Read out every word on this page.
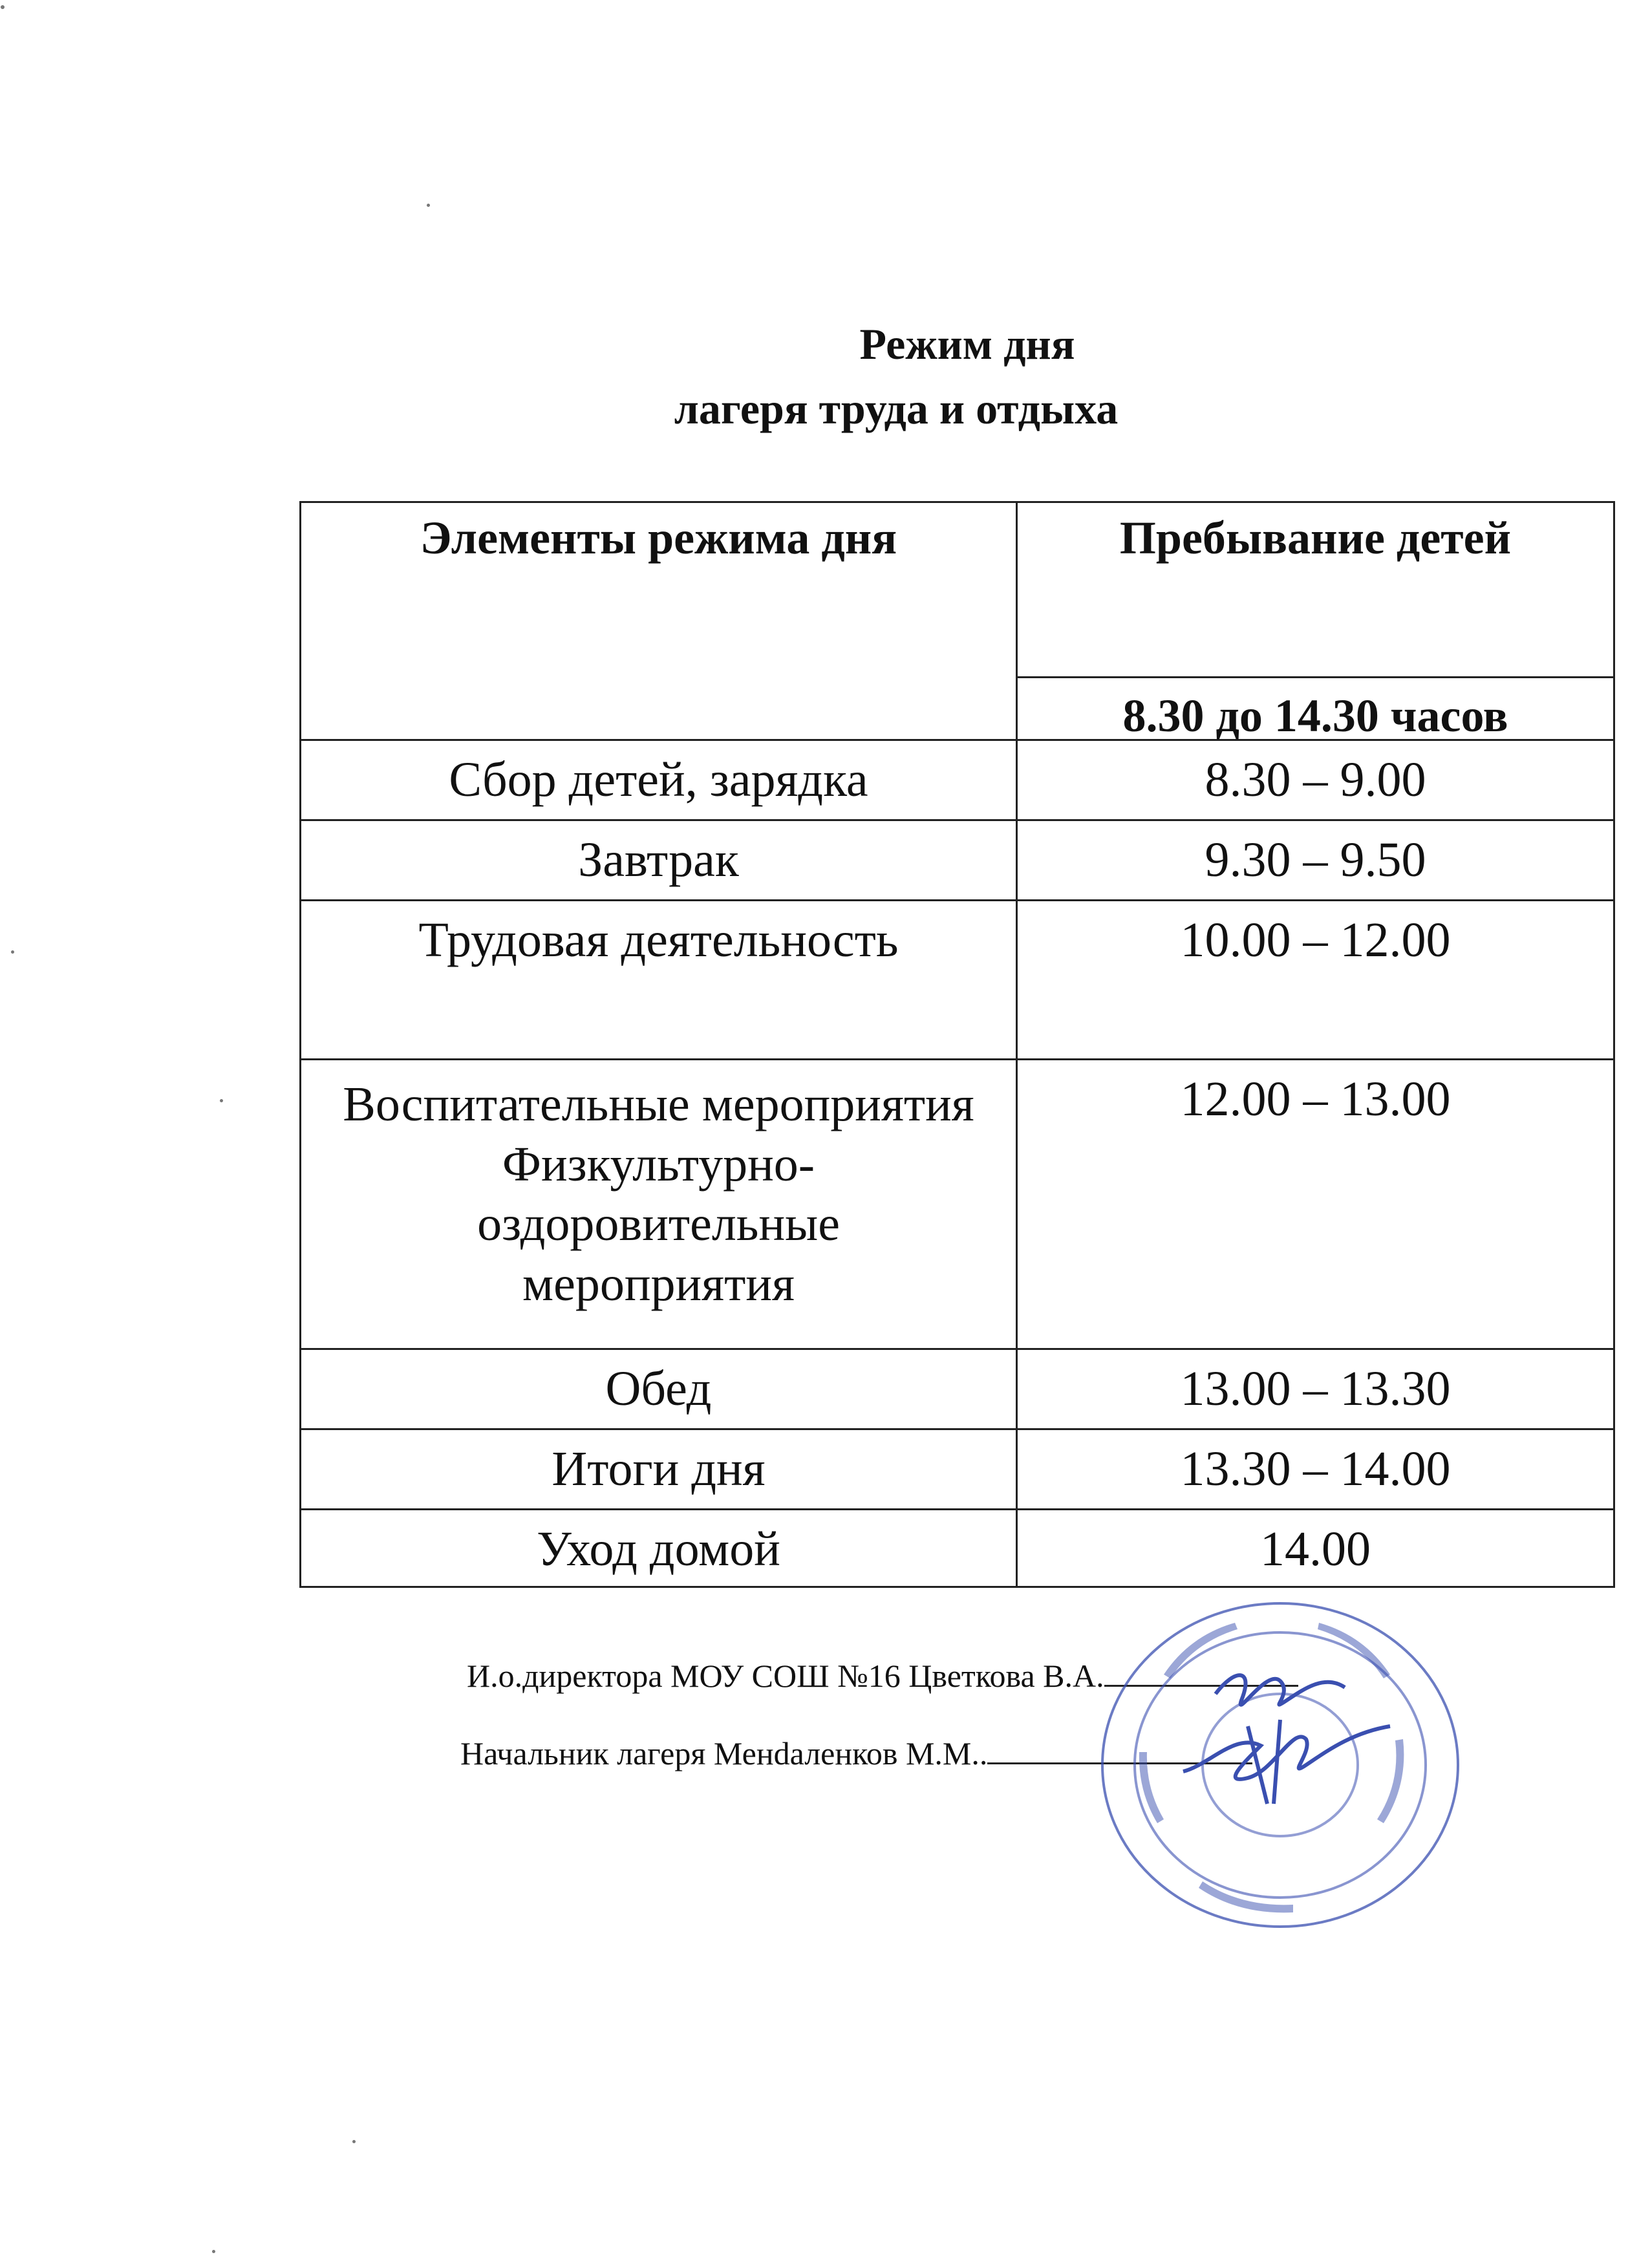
Режим дня
лагеря труда и отдыха
Элементы режима дня	Пребывание детей
	8.30 до 14.30 часов

Сбор детей, зарядка	8.30 – 9.00

Завтрак	9.30 – 9.50

Трудовая деятельность	10.00 – 12.00

Воспитательные мероприятия Физкультурно-оздоровительные мероприятия	12.00 – 13.00

Обед	13.00 – 13.30

Итоги дня	13.30 – 14.00

Уход домой	14.00
И.о.директора МОУ СОШ №16 Цветкова В.А.
Начальник лагеря Менdаленков М.М..
